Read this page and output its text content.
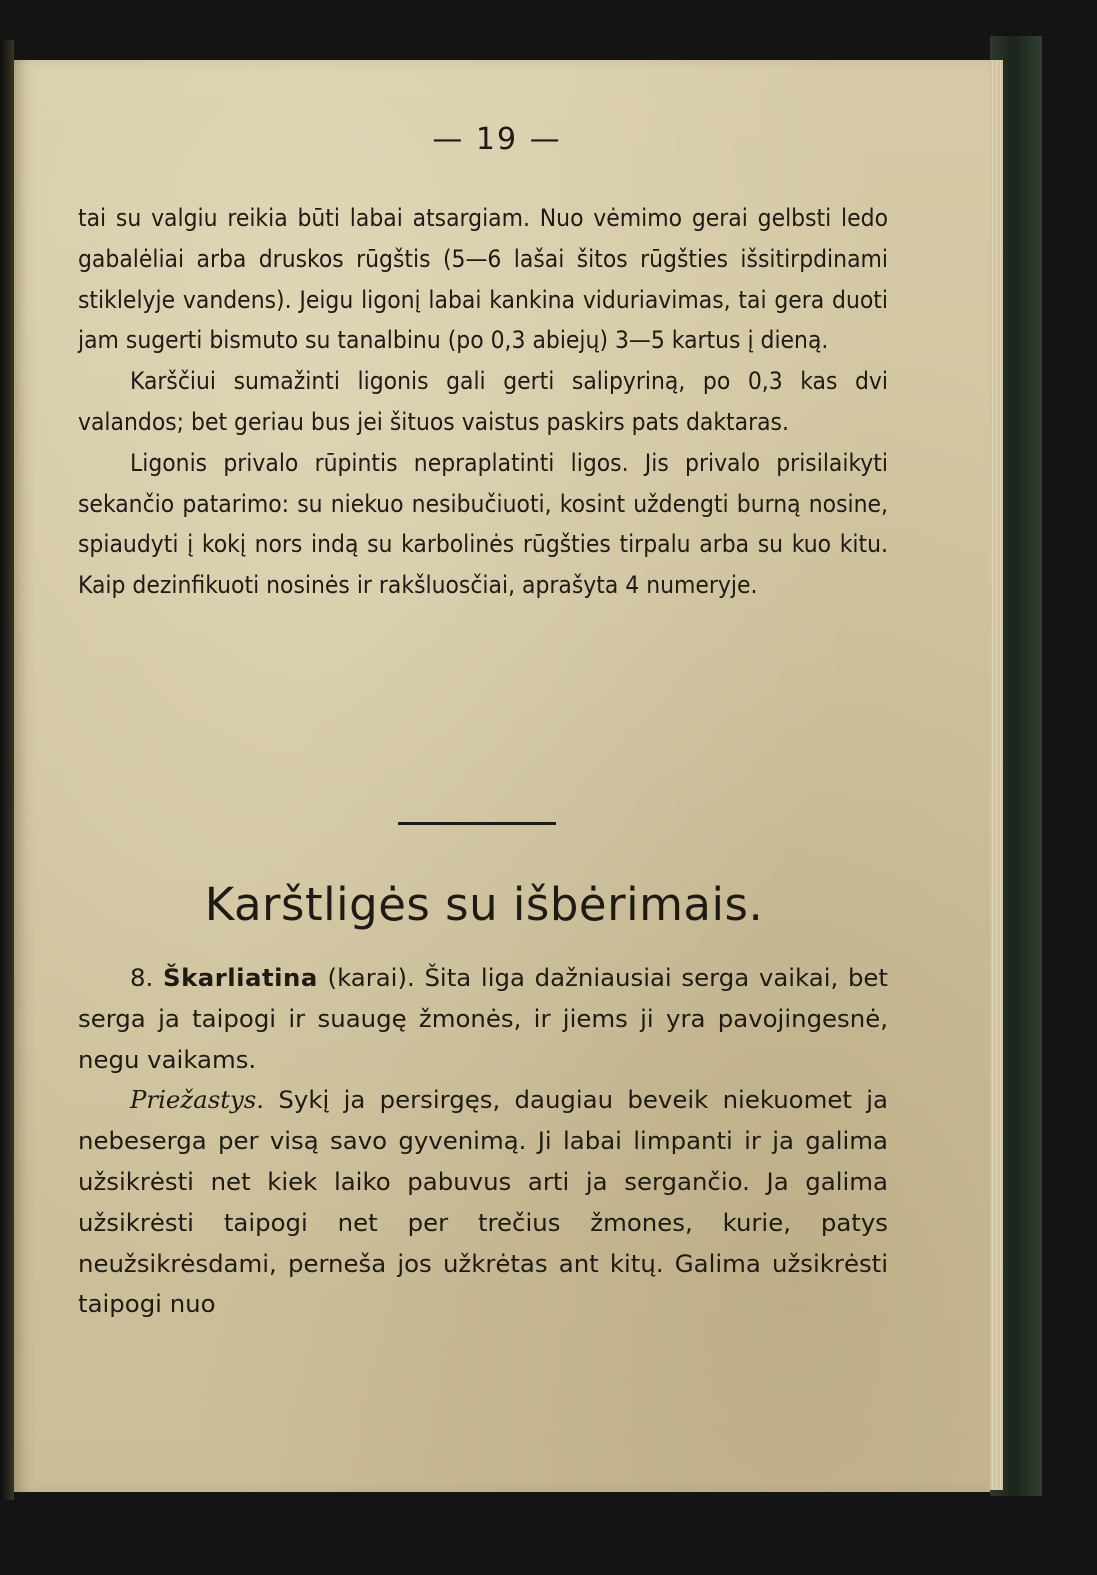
— 19 —

tai su valgiu reikia būti labai atsargiam. Nuo vėmimo gerai gelbsti ledo gabalėliai arba druskos rūgštis (5—6 lašai šitos rūgšties išsitirpdinami stiklelyje vandens). Jeigu ligonį labai kankina viduriavimas, tai gera duoti jam sugerti bismuto su tanalbinu (po 0,3 abiejų) 3—5 kartus į dieną.

Karščiui sumažinti ligonis gali gerti salipyriną, po 0,3 kas dvi valandos; bet geriau bus jei šituos vaistus paskirs pats daktaras.

Ligonis privalo rūpintis nepraplatinti ligos. Jis privalo prisilaikyti sekančio patarimo: su niekuo nesibučiuoti, kosint uždengti burną nosine, spiaudyti į kokį nors indą su karbolinės rūgšties tirpalu arba su kuo kitu. Kaip dezinfikuoti nosinės ir rakšluosčiai, aprašyta 4 numeryje.

Karštligės su išbėrimais.

8. Škarliatina (karai). Šita liga dažniausiai serga vaikai, bet serga ja taipogi ir suaugę žmonės, ir jiems ji yra pavojingesnė, negu vaikams.

Priežastys. Sykį ja persirgęs, daugiau beveik niekuomet ja nebeserga per visą savo gyvenimą. Ji labai limpanti ir ja galima užsikrėsti net kiek laiko pabuvus arti ja sergančio. Ja galima užsikrėsti taipogi net per trečius žmones, kurie, patys neužsikrėsdami, perneša jos užkrėtas ant kitų. Galima užsikrėsti taipogi nuo
